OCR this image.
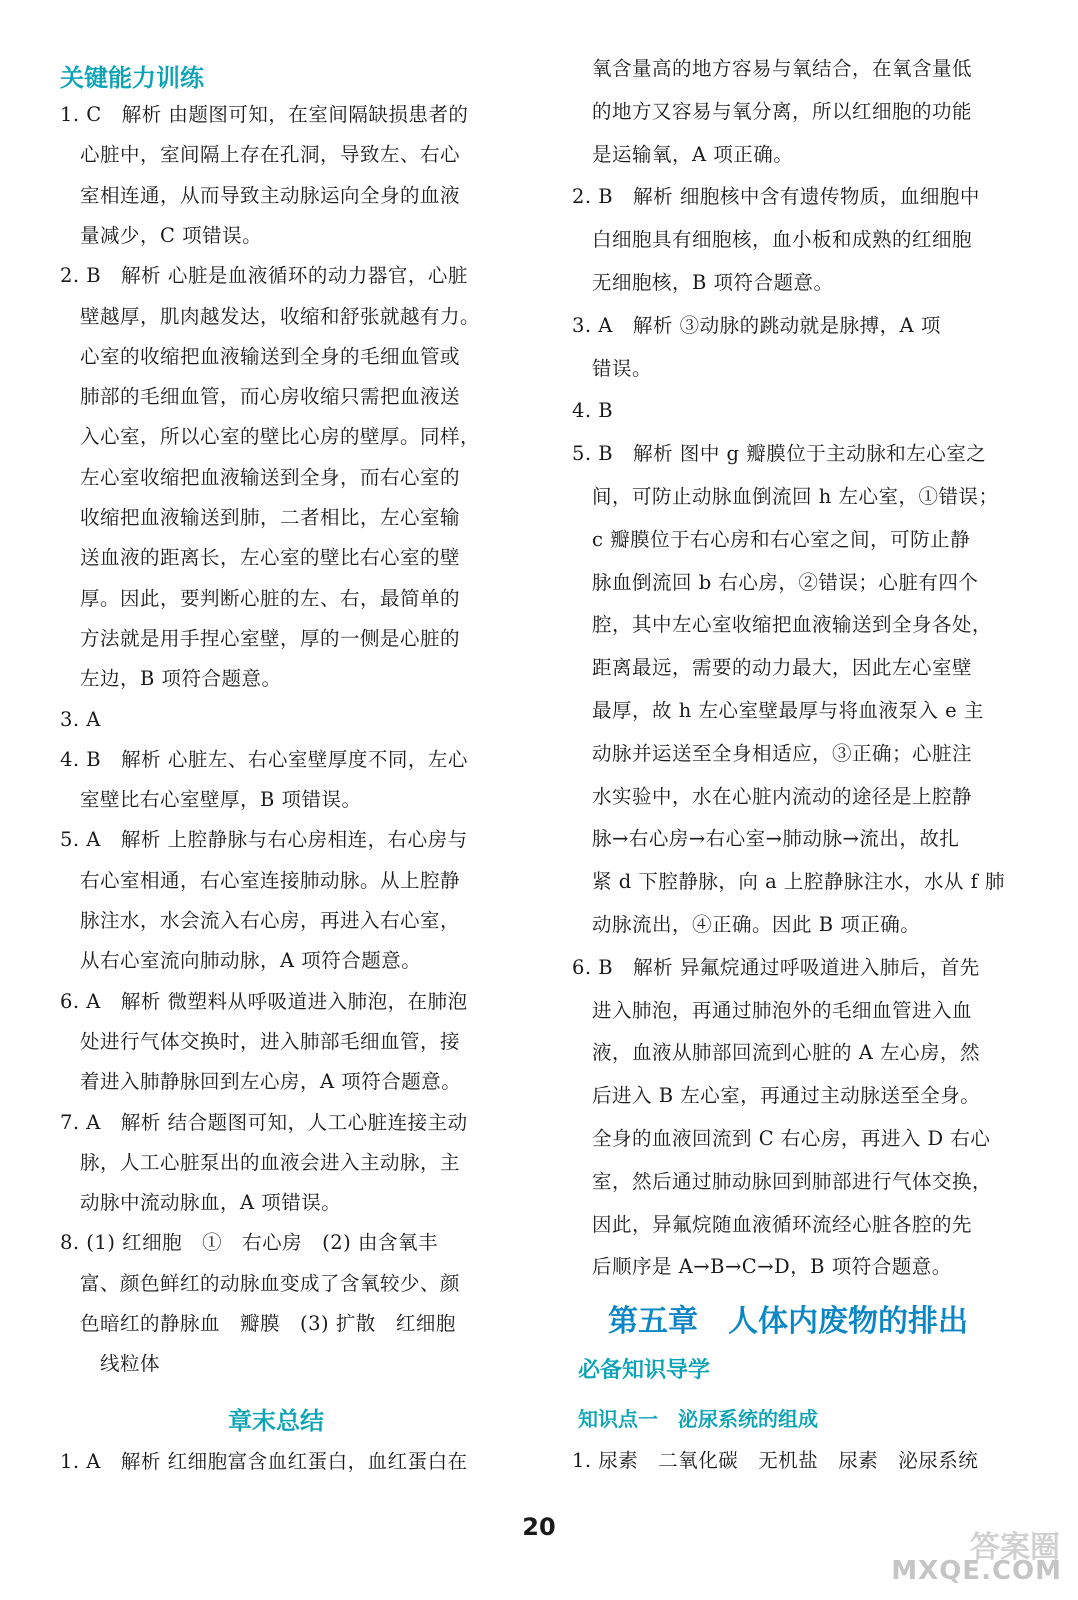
关键能力训练
1. C　解析 由题图可知，在室间隔缺损患者的
　心脏中，室间隔上存在孔洞，导致左、右心
　室相连通，从而导致主动脉运向全身的血液
　量减少，C 项错误。
2. B　解析 心脏是血液循环的动力器官，心脏
　壁越厚，肌肉越发达，收缩和舒张就越有力。
　心室的收缩把血液输送到全身的毛细血管或
　肺部的毛细血管，而心房收缩只需把血液送
　入心室，所以心室的壁比心房的壁厚。同样，
　左心室收缩把血液输送到全身，而右心室的
　收缩把血液输送到肺，二者相比，左心室输
　送血液的距离长，左心室的壁比右心室的壁
　厚。因此，要判断心脏的左、右，最简单的
　方法就是用手捏心室壁，厚的一侧是心脏的
　左边，B 项符合题意。
3. A
4. B　解析 心脏左、右心室壁厚度不同，左心
　室壁比右心室壁厚，B 项错误。
5. A　解析 上腔静脉与右心房相连，右心房与
　右心室相通，右心室连接肺动脉。从上腔静
　脉注水，水会流入右心房，再进入右心室，
　从右心室流向肺动脉，A 项符合题意。
6. A　解析 微塑料从呼吸道进入肺泡，在肺泡
　处进行气体交换时，进入肺部毛细血管，接
　着进入肺静脉回到左心房，A 项符合题意。
7. A　解析 结合题图可知，人工心脏连接主动
　脉，人工心脏泵出的血液会进入主动脉，主
　动脉中流动脉血，A 项错误。
8. (1) 红细胞　①　右心房　(2) 由含氧丰
　富、颜色鲜红的动脉血变成了含氧较少、颜
　色暗红的静脉血　瓣膜　(3) 扩散　红细胞
　　线粒体
章末总结
1. A　解析 红细胞富含血红蛋白，血红蛋白在
　氧含量高的地方容易与氧结合，在氧含量低
　的地方又容易与氧分离，所以红细胞的功能
　是运输氧，A 项正确。
2. B　解析 细胞核中含有遗传物质，血细胞中
　白细胞具有细胞核，血小板和成熟的红细胞
　无细胞核，B 项符合题意。
3. A　解析 ③动脉的跳动就是脉搏，A 项
　错误。
4. B
5. B　解析 图中 g 瓣膜位于主动脉和左心室之
　间，可防止动脉血倒流回 h 左心室，①错误；
　c 瓣膜位于右心房和右心室之间，可防止静
　脉血倒流回 b 右心房，②错误；心脏有四个
　腔，其中左心室收缩把血液输送到全身各处，
　距离最远，需要的动力最大，因此左心室壁
　最厚，故 h 左心室壁最厚与将血液泵入 e 主
　动脉并运送至全身相适应，③正确；心脏注
　水实验中，水在心脏内流动的途径是上腔静
　脉→右心房→右心室→肺动脉→流出，故扎
　紧 d 下腔静脉，向 a 上腔静脉注水，水从 f 肺
　动脉流出，④正确。因此 B 项正确。
6. B　解析 异氟烷通过呼吸道进入肺后，首先
　进入肺泡，再通过肺泡外的毛细血管进入血
　液，血液从肺部回流到心脏的 A 左心房，然
　后进入 B 左心室，再通过主动脉送至全身。
　全身的血液回流到 C 右心房，再进入 D 右心
　室，然后通过肺动脉回到肺部进行气体交换，
　因此，异氟烷随血液循环流经心脏各腔的先
　后顺序是 A→B→C→D，B 项符合题意。
第五章　人体内废物的排出
必备知识导学
知识点一　泌尿系统的组成
1. 尿素　二氧化碳　无机盐　尿素　泌尿系统
20
答案圈
MXQE.COM
